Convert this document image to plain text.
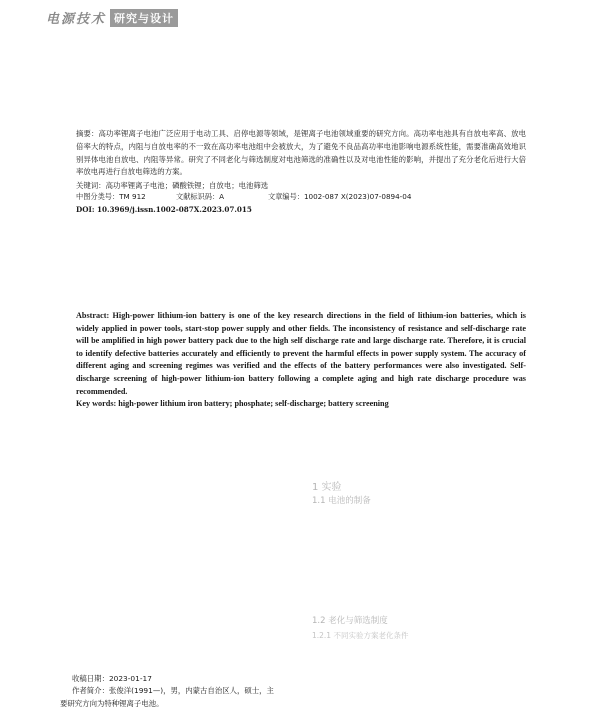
电源技术 研究与设计

摘要：高功率锂离子电池广泛应用于电动工具、启停电源等领域，是锂离子电池领域重要的研究方向。高功率电池具有自放电率高、放电倍率大的特点，内阻与自放电率的不一致在高功率电池组中会被放大，为了避免不良品高功率电池影响电源系统性能，需要准确高效地识别异体电池自放电、内阻等异常。研究了不同老化与筛选制度对电池筛选的准确性以及对电池性能的影响，并提出了充分老化后进行大倍率放电再进行自放电筛选的方案。

关键词：高功率锂离子电池；磷酸铁锂；自放电；电池筛选

中图分类号：TM 912	文献标识码：A	文章编号：1002-087 X(2023)07-0894-04
DOI: 10.3969/j.issn.1002-087X.2023.07.015

Abstract: High-power lithium-ion battery is one of the key research directions in the field of lithium-ion batteries, which is widely applied in power tools, start-stop power supply and other fields. The inconsistency of resistance and self-discharge rate will be amplified in high power battery pack due to the high self discharge rate and large discharge rate. Therefore, it is crucial to identify defective batteries accurately and efficiently to prevent the harmful effects in power supply system. The accuracy of different aging and screening regimes was verified and the effects of the battery performances were also investigated. Self-discharge screening of high-power lithium-ion battery following a complete aging and high rate discharge procedure was recommended.

Key words: high-power lithium iron battery; phosphate; self-discharge; battery screening

1 实验
1.1 电池的制备
1.2 老化与筛选制度
1.2.1 不同实验方案老化条件

收稿日期：2023-01-17

作者简介：张俊洋(1991—)，男，内蒙古自治区人，硕士，主

要研究方向为特种锂离子电池。
